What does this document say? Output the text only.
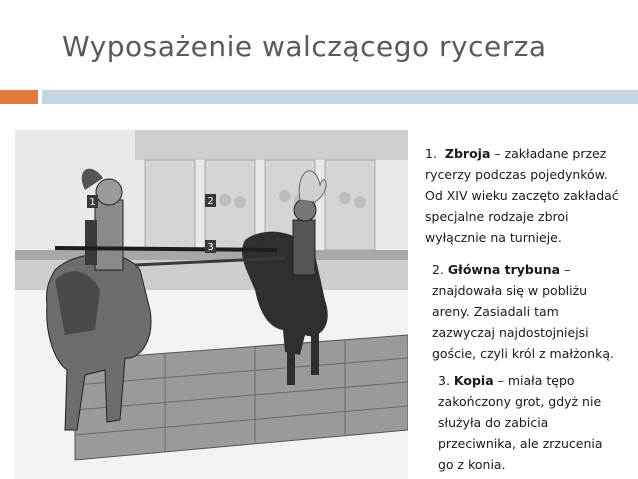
Wyposażenie walczącego rycerza
1	2
3
1. Zbroja – zakładane przez
rycerzy podczas pojedynków.
Od XIV wieku zaczęto zakładać
specjalne rodzaje zbroi
wyłącznie na turnieje.
2. Główna trybuna –
znajdowała się w pobliżu
areny. Zasiadali tam
zazwyczaj najdostojniejsi
goście, czyli król z małżonką.
3. Kopia – miała tępo
zakończony grot, gdyż nie
służyła do zabicia
przeciwnika, ale zrzucenia
go z konia.
